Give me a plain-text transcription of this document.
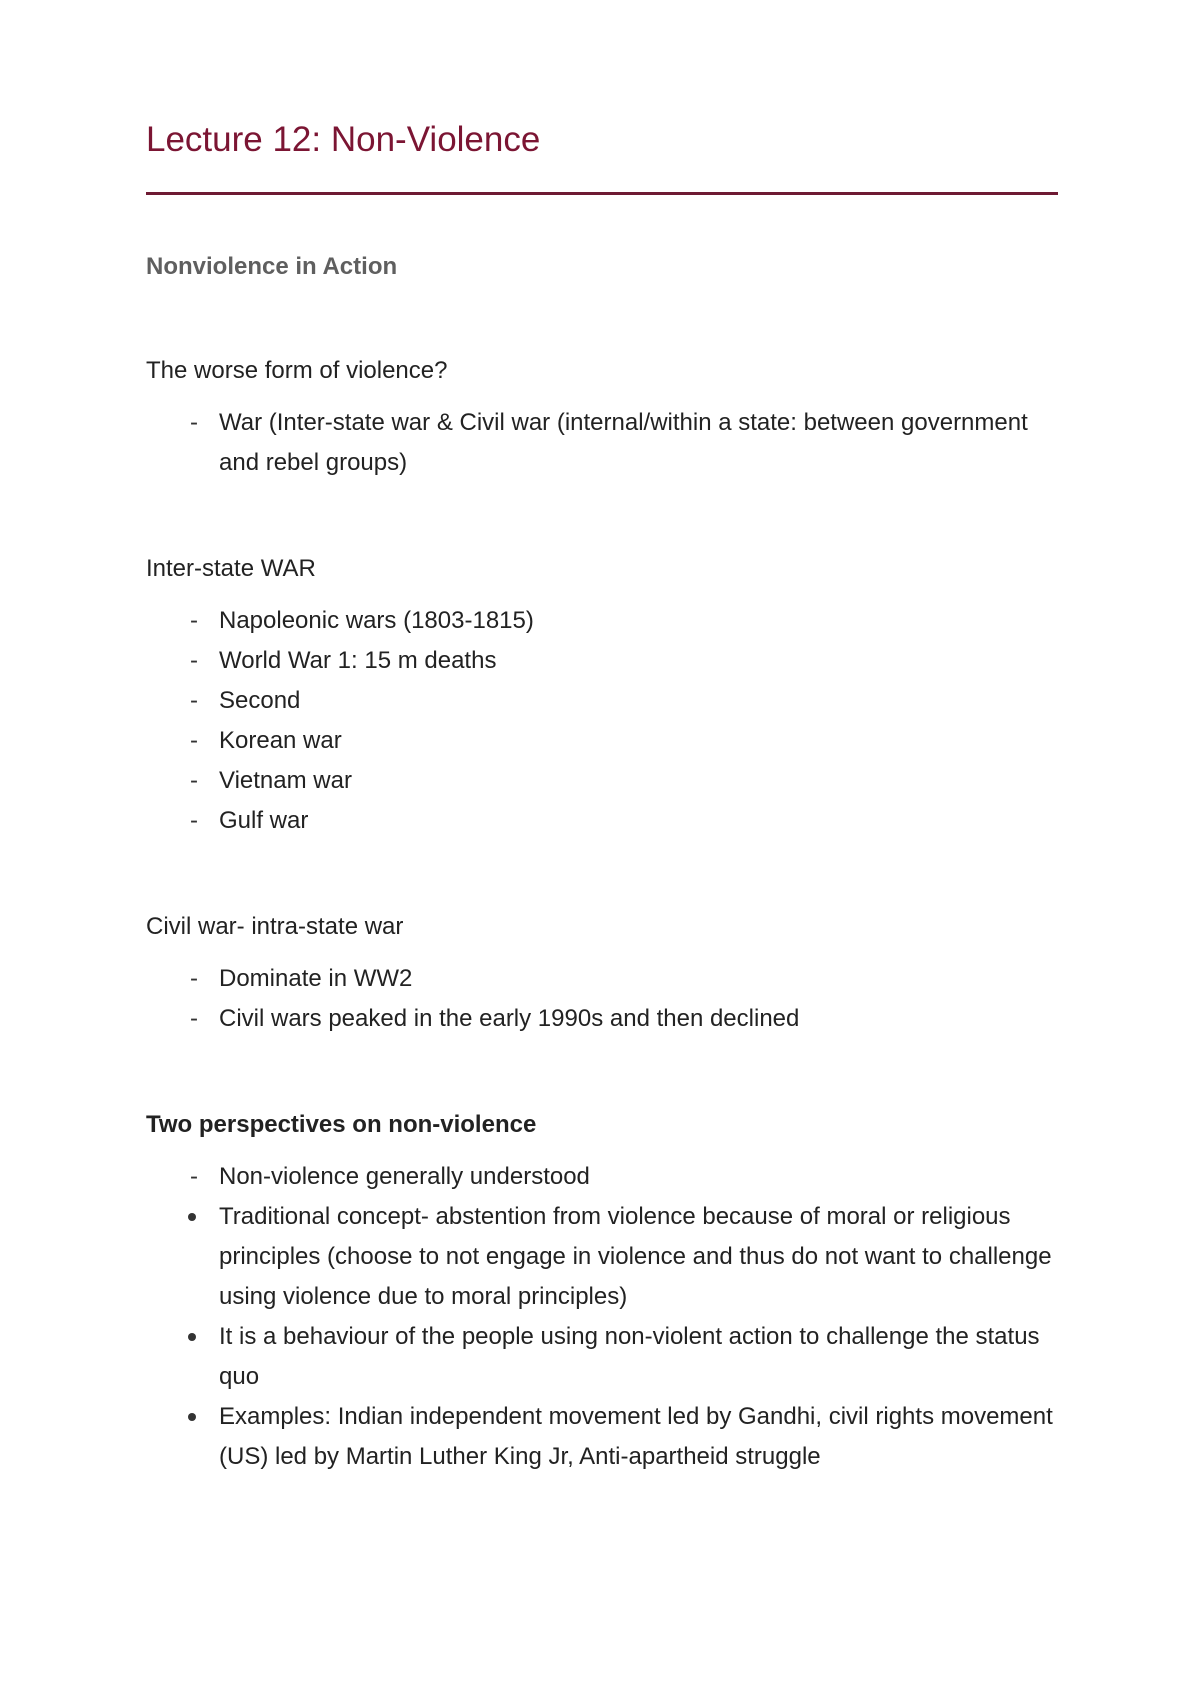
Lecture 12: Non-Violence
Nonviolence in Action
The worse form of violence?
- War (Inter-state war & Civil war (internal/within a state: between government and rebel groups)
Inter-state WAR
- Napoleonic wars (1803-1815)
- World War 1: 15 m deaths
- Second
- Korean war
- Vietnam war
- Gulf war
Civil war- intra-state war
- Dominate in WW2
- Civil wars peaked in the early 1990s and then declined
Two perspectives on non-violence
- Non-violence generally understood
Traditional concept- abstention from violence because of moral or religious principles (choose to not engage in violence and thus do not want to challenge using violence due to moral principles)
It is a behaviour of the people using non-violent action to challenge the status quo
Examples: Indian independent movement led by Gandhi, civil rights movement (US) led by Martin Luther King Jr, Anti-apartheid struggle
